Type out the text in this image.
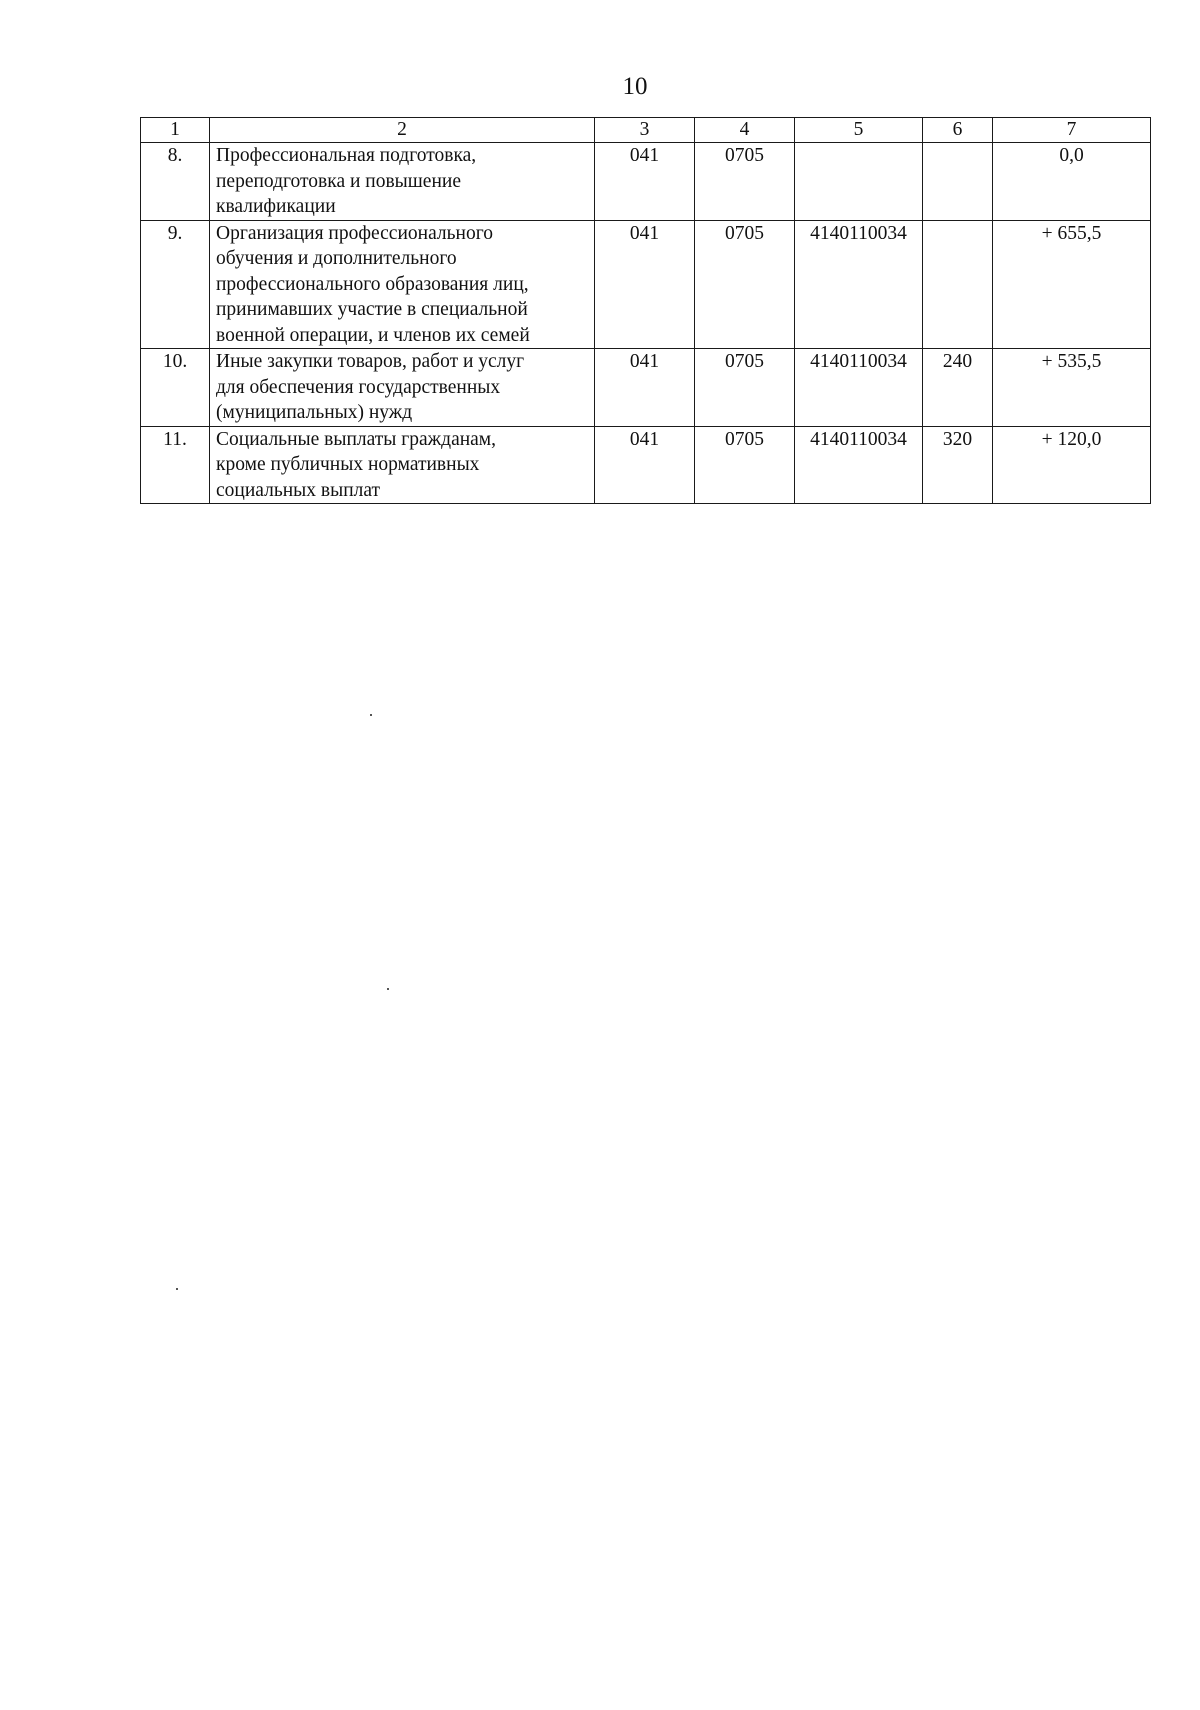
10
1	2	3	4	5	6	7
8.	Профессиональная подготовка,
переподготовка и повышение
квалификации	041	0705			0,0
9.	Организация профессионального
обучения и дополнительного
профессионального образования лиц,
принимавших участие в специальной
военной операции, и членов их семей	041	0705	4140110034		+ 655,5
10.	Иные закупки товаров, работ и услуг
для обеспечения государственных
(муниципальных) нужд	041	0705	4140110034	240	+ 535,5
11.	Социальные выплаты гражданам,
кроме публичных нормативных
социальных выплат	041	0705	4140110034	320	+ 120,0
